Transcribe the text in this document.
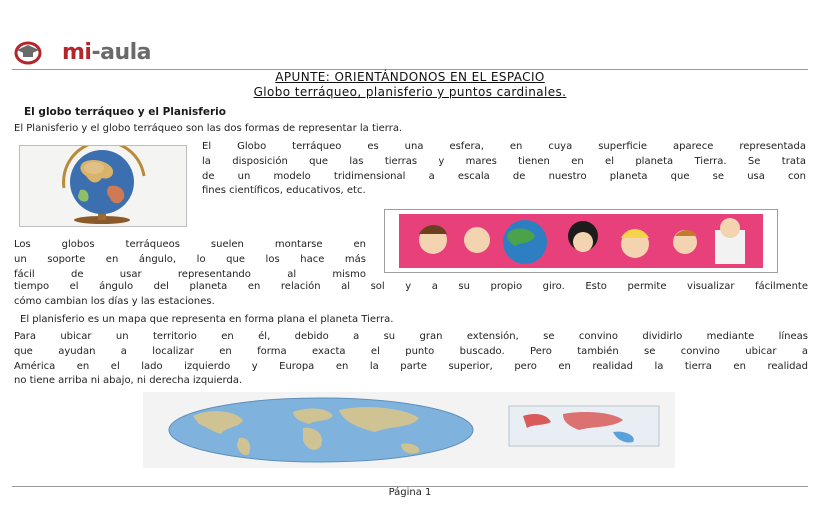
mi-aula
APUNTE: ORIENTÁNDONOS EN EL ESPACIO
Globo terráqueo, planisferio y puntos cardinales.
El globo terráqueo y el Planisferio
El Planisferio y el globo terráqueo son las dos formas de representar la tierra.
El Globo terráqueo es una esfera, en cuya superficie aparece representada
la disposición que las tierras y mares tienen en el planeta Tierra. Se trata
de un modelo tridimensional a escala de nuestro planeta que se usa con
fines científicos, educativos, etc.
Los globos terráqueos suelen montarse en
un soporte en ángulo, lo que los hace más
fácil de usar representando al mismo
tiempo el ángulo del planeta en relación al sol y a su propio giro. Esto permite visualizar fácilmente
cómo cambian los días y las estaciones.
El planisferio es un mapa que representa en forma plana el planeta Tierra.
Para ubicar un territorio en él, debido a su gran extensión, se convino dividirlo mediante líneas
que ayudan a localizar en forma exacta el punto buscado. Pero también se convino ubicar a
América en el lado izquierdo y Europa en la parte superior, pero en realidad la tierra en realidad
no tiene arriba ni abajo, ni derecha izquierda.
Página 1
